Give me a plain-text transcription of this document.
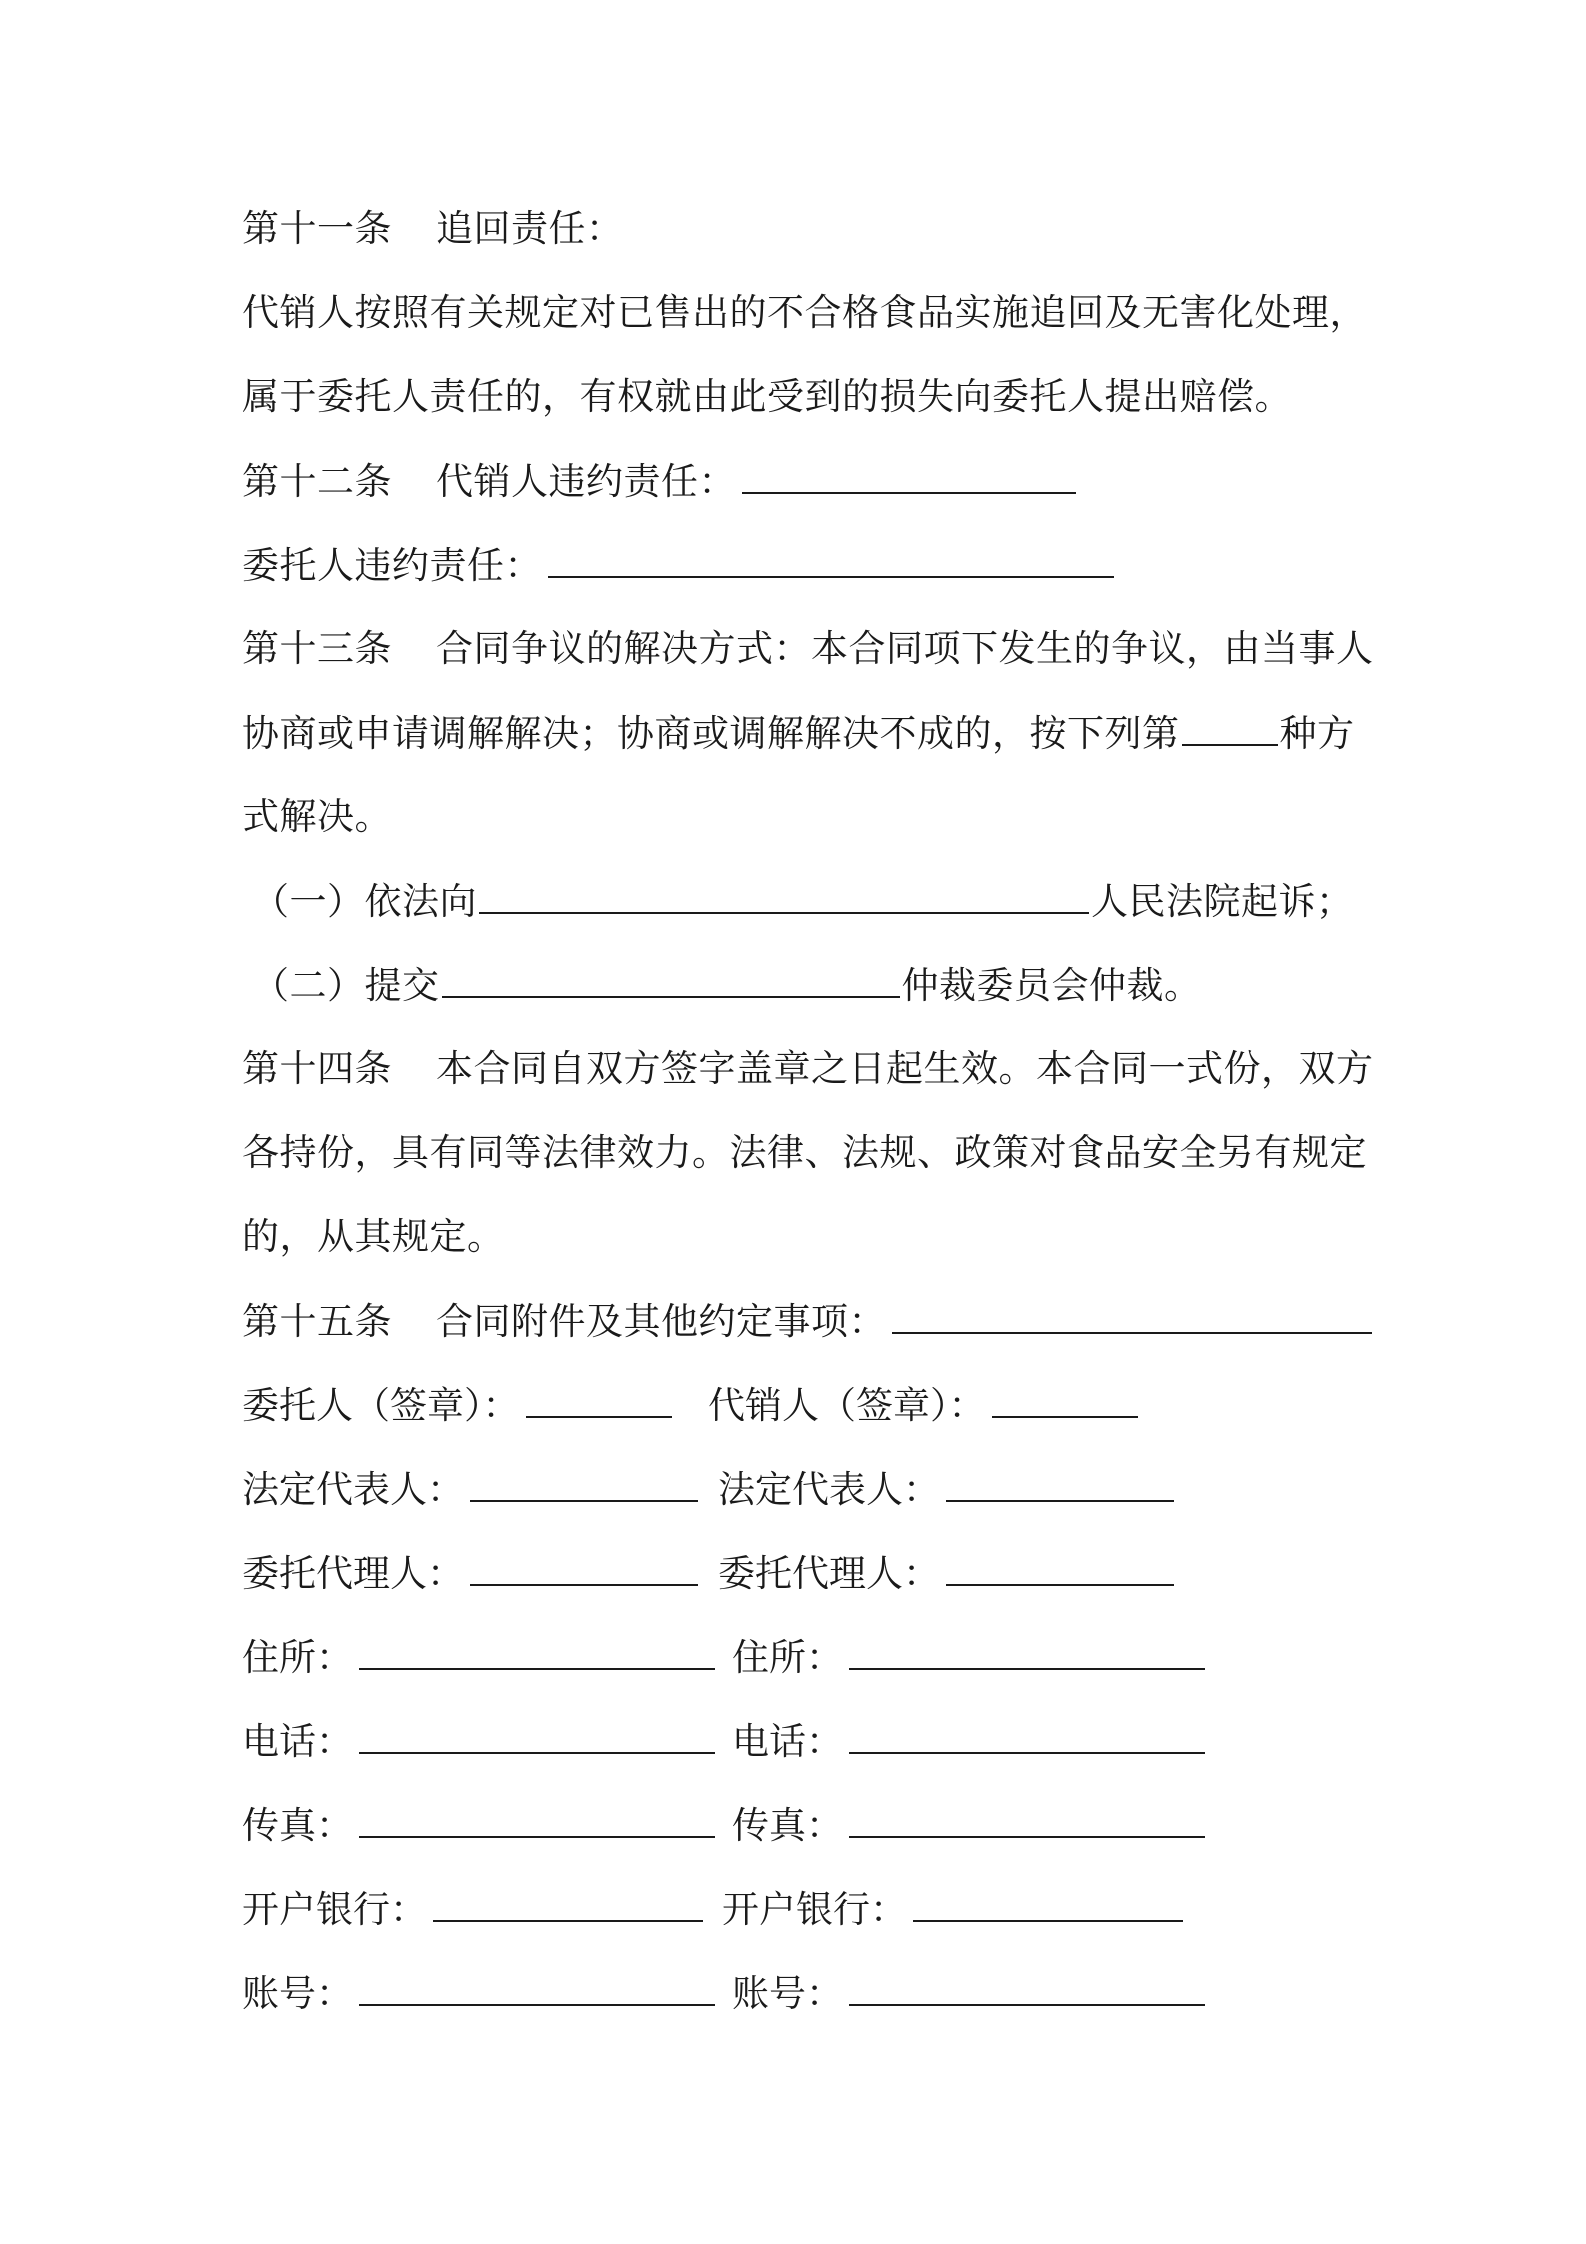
第十一条 追回责任：
代销人按照有关规定对已售出的不合格食品实施追回及无害化处理，
属于委托人责任的，有权就由此受到的损失向委托人提出赔偿。
第十二条 代销人违约责任：
委托人违约责任：
第十三条 合同争议的解决方式：本合同项下发生的争议，由当事人
协商或申请调解解决；协商或调解解决不成的，按下列第	种方
式解决。
（一）依法向	人民法院起诉；
（二）提交	仲裁委员会仲裁。
第十四条 本合同自双方签字盖章之日起生效。本合同一式份，双方
各持份，具有同等法律效力。法律、法规、政策对食品安全另有规定
的，从其规定。
第十五条 合同附件及其他约定事项：
委托人（签章）：	代销人（签章）：
法定代表人：	法定代表人：
委托代理人：	委托代理人：
住所：	住所：
电话：	电话：
传真：	传真：
开户银行：	开户银行：
账号：	账号：
